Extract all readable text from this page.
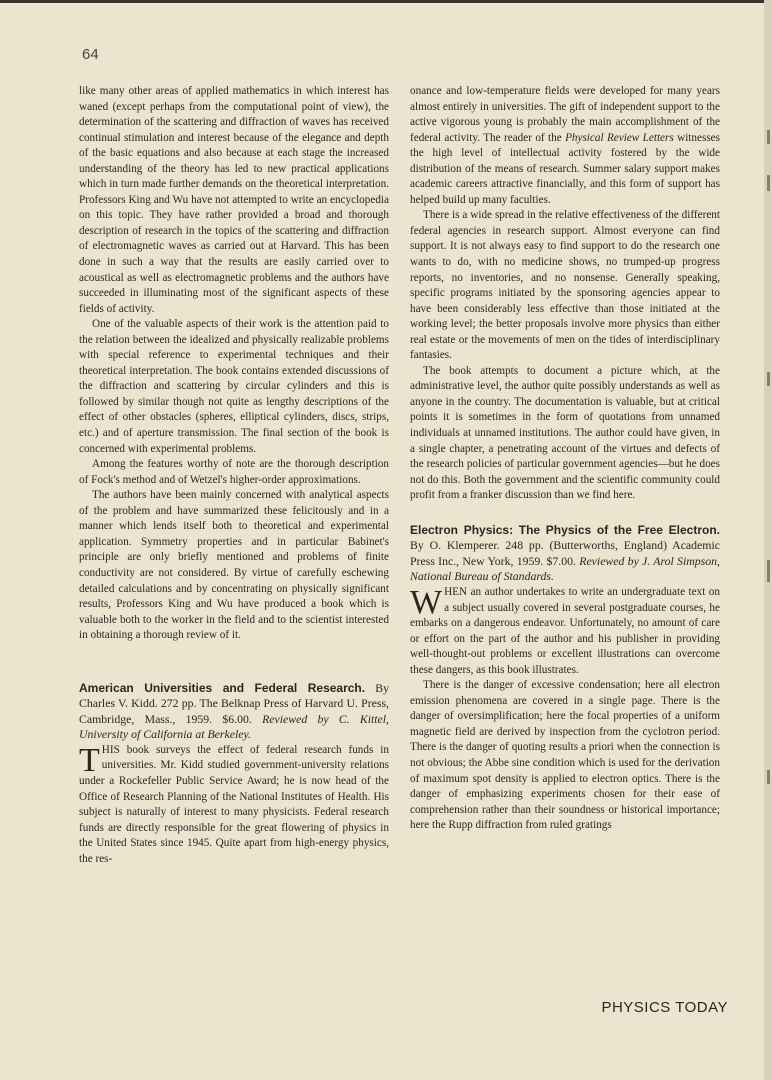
64

like many other areas of applied mathematics in which interest has waned (except perhaps from the computational point of view), the determination of the scattering and diffraction of waves has received continual stimulation and interest because of the elegance and depth of the basic equations and also because at each stage the increased understanding of the theory has led to new practical applications which in turn made further demands on the theoretical interpretation. Professors King and Wu have not attempted to write an encyclopedia on this topic. They have rather provided a broad and thorough description of research in the topics of the scattering and diffraction of electromagnetic waves as carried out at Harvard. This has been done in such a way that the results are easily carried over to acoustical as well as electromagnetic problems and the authors have succeeded in illuminating most of the significant aspects of these fields of activity.

One of the valuable aspects of their work is the attention paid to the relation between the idealized and physically realizable problems with special reference to experimental techniques and their theoretical interpretation. The book contains extended discussions of the diffraction and scattering by circular cylinders and this is followed by similar though not quite as lengthy descriptions of the effect of other obstacles (spheres, elliptical cylinders, discs, strips, etc.) and of aperture transmission. The final section of the book is concerned with experimental problems.

Among the features worthy of note are the thorough description of Fock's method and of Wetzel's higher-order approximations.

The authors have been mainly concerned with analytical aspects of the problem and have summarized these felicitously and in a manner which lends itself both to theoretical and experimental application. Symmetry properties and in particular Babinet's principle are only briefly mentioned and problems of finite conductivity are not considered. By virtue of carefully eschewing detailed calculations and by concentrating on physically significant results, Professors King and Wu have produced a book which is valuable both to the worker in the field and to the scientist interested in obtaining a thorough review of it.

American Universities and Federal Research. By Charles V. Kidd. 272 pp. The Belknap Press of Harvard U. Press, Cambridge, Mass., 1959. $6.00. Reviewed by C. Kittel, University of California at Berkeley.

THIS book surveys the effect of federal research funds in universities. Mr. Kidd studied government-university relations under a Rockefeller Public Service Award; he is now head of the Office of Research Planning of the National Institutes of Health. His subject is naturally of interest to many physicists. Federal research funds are directly responsible for the great flowering of physics in the United States since 1945. Quite apart from high-energy physics, the res-

onance and low-temperature fields were developed for many years almost entirely in universities. The gift of independent support to the active vigorous young is probably the main accomplishment of the federal activity. The reader of the Physical Review Letters witnesses the high level of intellectual activity fostered by the wide distribution of the means of research. Summer salary support makes academic careers attractive financially, and this form of support has helped build up many faculties.

There is a wide spread in the relative effectiveness of the different federal agencies in research support. Almost everyone can find support. It is not always easy to find support to do the research one wants to do, with no medicine shows, no trumped-up progress reports, no inventories, and no nonsense. Generally speaking, specific programs initiated by the sponsoring agencies appear to have been considerably less effective than those initiated at the working level; the better proposals involve more physics than either real estate or the movements of men on the tides of interdisciplinary fantasies.

The book attempts to document a picture which, at the administrative level, the author quite possibly understands as well as anyone in the country. The documentation is valuable, but at critical points it is sometimes in the form of quotations from unnamed individuals at unnamed institutions. The author could have given, in a single chapter, a penetrating account of the virtues and defects of the research policies of particular government agencies—but he does not do this. Both the government and the scientific community could profit from a franker discussion than we find here.

Electron Physics: The Physics of the Free Electron. By O. Klemperer. 248 pp. (Butterworths, England) Academic Press Inc., New York, 1959. $7.00. Reviewed by J. Arol Simpson, National Bureau of Standards.

WHEN an author undertakes to write an undergraduate text on a subject usually covered in several postgraduate courses, he embarks on a dangerous endeavor. Unfortunately, no amount of care or effort on the part of the author and his publisher in providing well-thought-out problems or excellent illustrations can overcome these dangers, as this book illustrates.

There is the danger of excessive condensation; here all electron emission phenomena are covered in a single page. There is the danger of oversimplification; here the focal properties of a uniform magnetic field are derived by inspection from the cyclotron period. There is the danger of quoting results a priori when the connection is not obvious; the Abbe sine condition which is used for the derivation of maximum spot density is applied to electron optics. There is the danger of emphasizing experiments chosen for their ease of comprehension rather than their soundness or historical importance; here the Rupp diffraction from ruled gratings

PHYSICS TODAY
